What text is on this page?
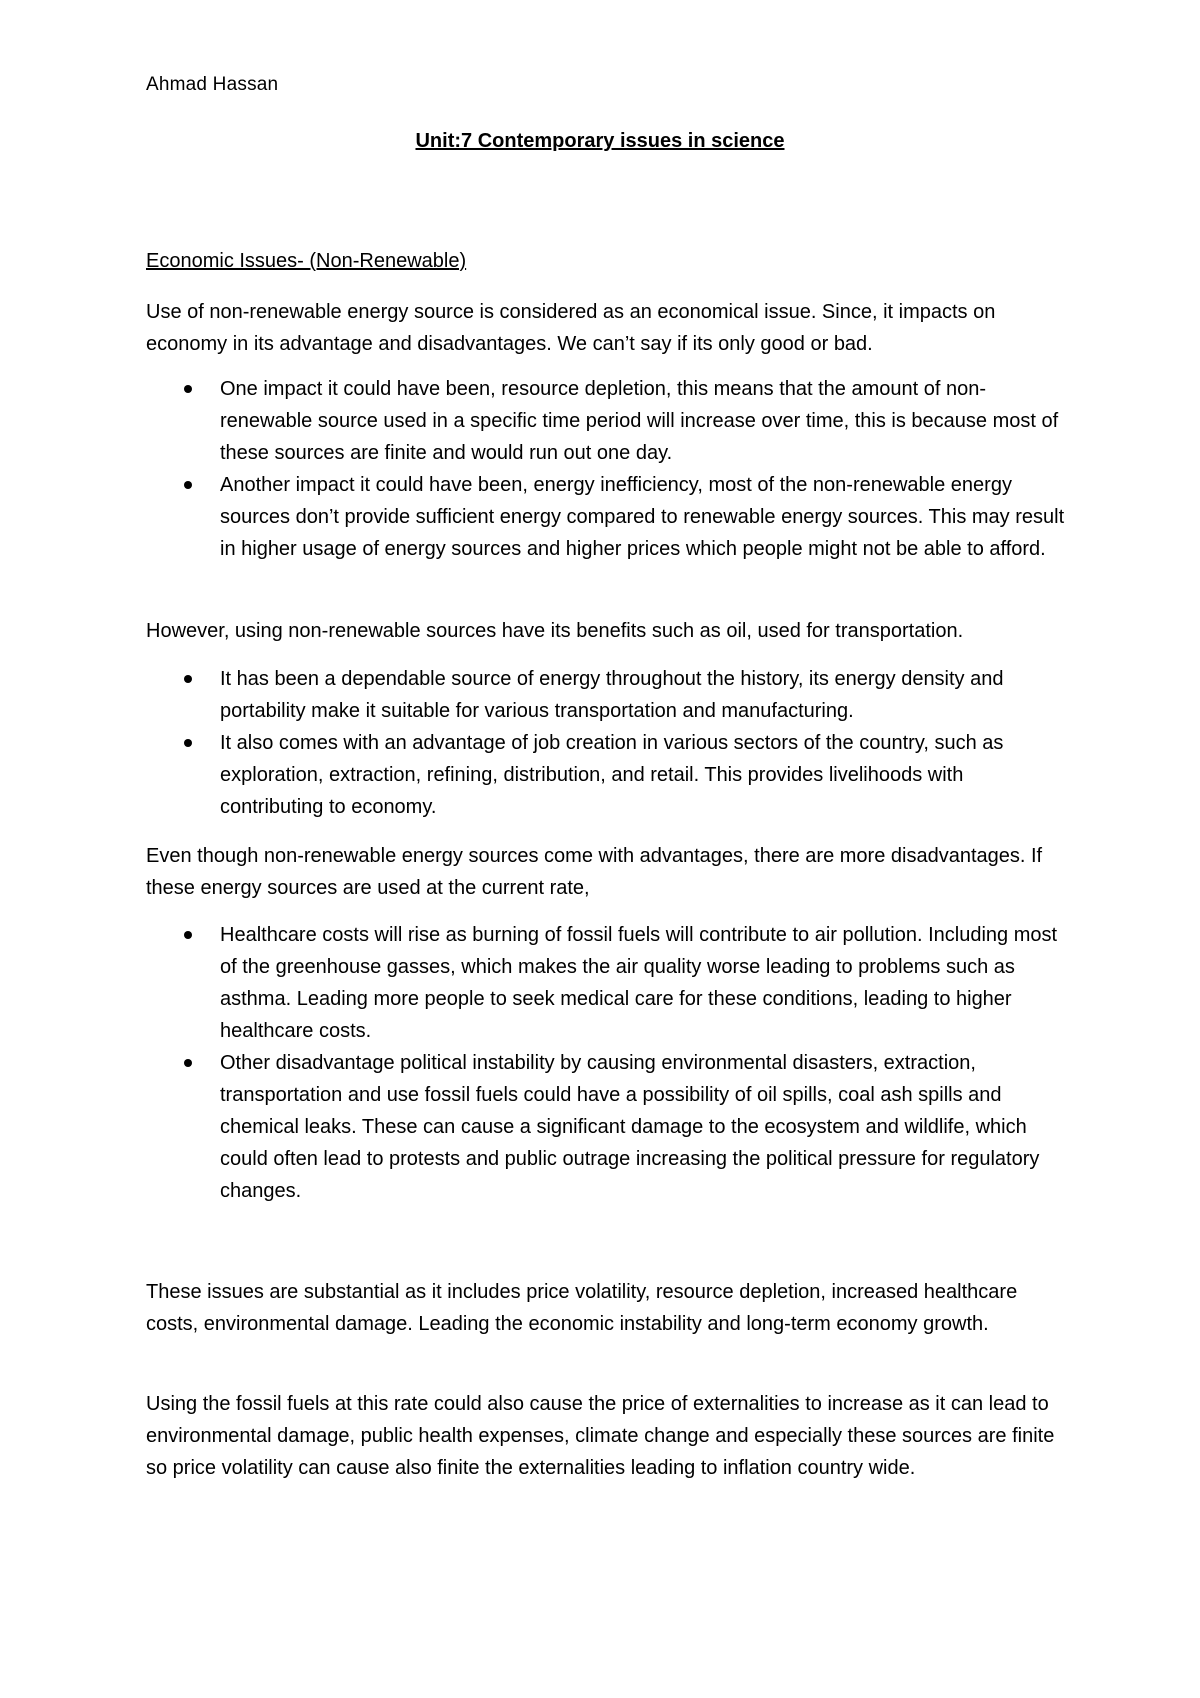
Ahmad Hassan
Unit:7 Contemporary issues in science
Economic Issues- (Non-Renewable)

Use of non-renewable energy source is considered as an economical issue. Since, it impacts on economy in its advantage and disadvantages. We can’t say if its only good or bad.

One impact it could have been, resource depletion, this means that the amount of non-renewable source used in a specific time period will increase over time, this is because most of these sources are finite and would run out one day.
Another impact it could have been, energy inefficiency, most of the non-renewable energy sources don’t provide sufficient energy compared to renewable energy sources. This may result in higher usage of energy sources and higher prices which people might not be able to afford.

However, using non-renewable sources have its benefits such as oil, used for transportation.

It has been a dependable source of energy throughout the history, its energy density and portability make it suitable for various transportation and manufacturing.
It also comes with an advantage of job creation in various sectors of the country, such as exploration, extraction, refining, distribution, and retail. This provides livelihoods with contributing to economy.

Even though non-renewable energy sources come with advantages, there are more disadvantages. If these energy sources are used at the current rate,

Healthcare costs will rise as burning of fossil fuels will contribute to air pollution. Including most of the greenhouse gasses, which makes the air quality worse leading to problems such as asthma. Leading more people to seek medical care for these conditions, leading to higher healthcare costs.
Other disadvantage political instability by causing environmental disasters, extraction, transportation and use fossil fuels could have a possibility of oil spills, coal ash spills and chemical leaks. These can cause a significant damage to the ecosystem and wildlife, which could often lead to protests and public outrage increasing the political pressure for regulatory changes.

These issues are substantial as it includes price volatility, resource depletion, increased healthcare costs, environmental damage. Leading the economic instability and long-term economy growth.

Using the fossil fuels at this rate could also cause the price of externalities to increase as it can lead to environmental damage, public health expenses, climate change and especially these sources are finite so price volatility can cause also finite the externalities leading to inflation country wide.
